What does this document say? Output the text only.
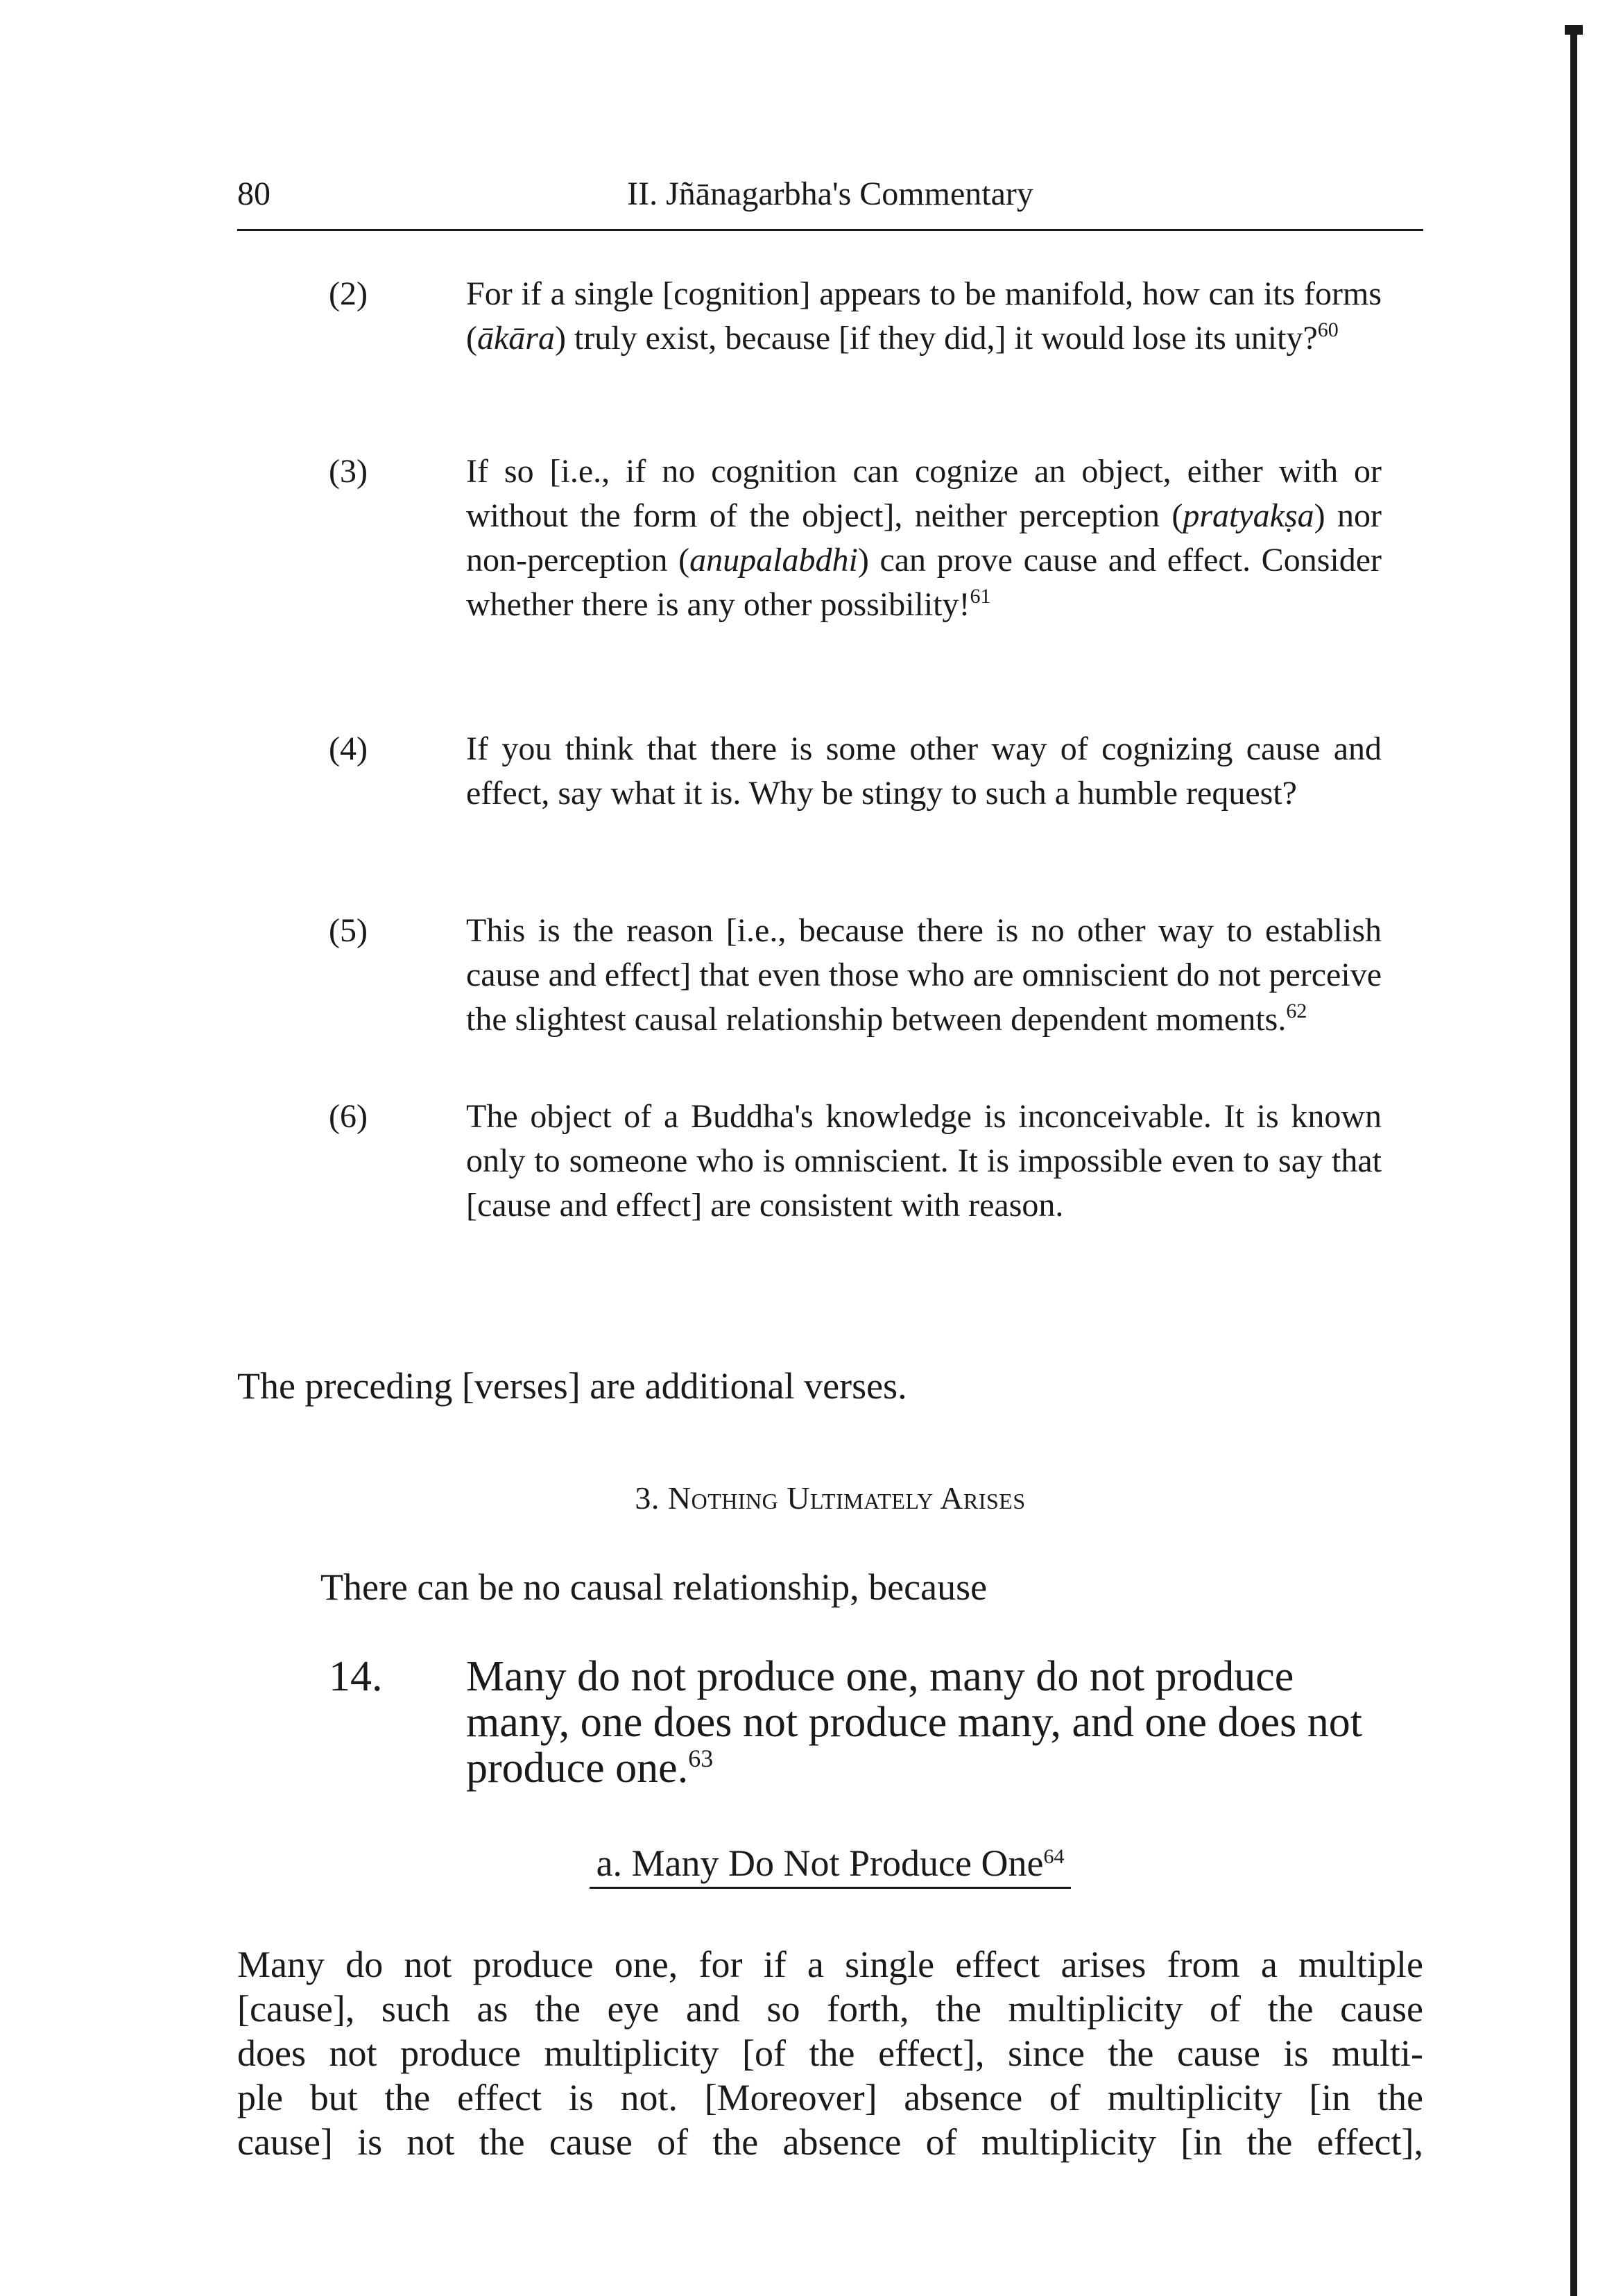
80	II. Jñānagarbha's Commentary
(2)	For if a single [cognition] appears to be manifold, how can its forms (ākāra) truly exist, because [if they did,] it would lose its unity?$^{60}$
(3)	If so [i.e., if no cognition can cognize an object, either with or without the form of the object], neither perception (pratyakṣa) nor non-perception (anupalabdhi) can prove cause and effect. Consider whether there is any other possibility!$^{61}$
(4)	If you think that there is some other way of cognizing cause and effect, say what it is. Why be stingy to such a humble request?
(5)	This is the reason [i.e., because there is no other way to establish cause and effect] that even those who are omniscient do not perceive the slightest causal relationship between dependent moments.$^{62}$
(6)	The object of a Buddha's knowledge is inconceivable. It is known only to someone who is omniscient. It is impossible even to say that [cause and effect] are consistent with reason.
The preceding [verses] are additional verses.
3. Nothing Ultimately Arises
There can be no causal relationship, because
14. Many do not produce one, many do not produce many, one does not produce many, and one does not produce one.$^{63}$
a. Many Do Not Produce One$^{64}$
Many do not produce one, for if a single effect arises from a multiple
[cause], such as the eye and so forth, the multiplicity of the cause
does not produce multiplicity [of the effect], since the cause is multi-
ple but the effect is not. [Moreover] absence of multiplicity [in the
cause] is not the cause of the absence of multiplicity [in the effect],
